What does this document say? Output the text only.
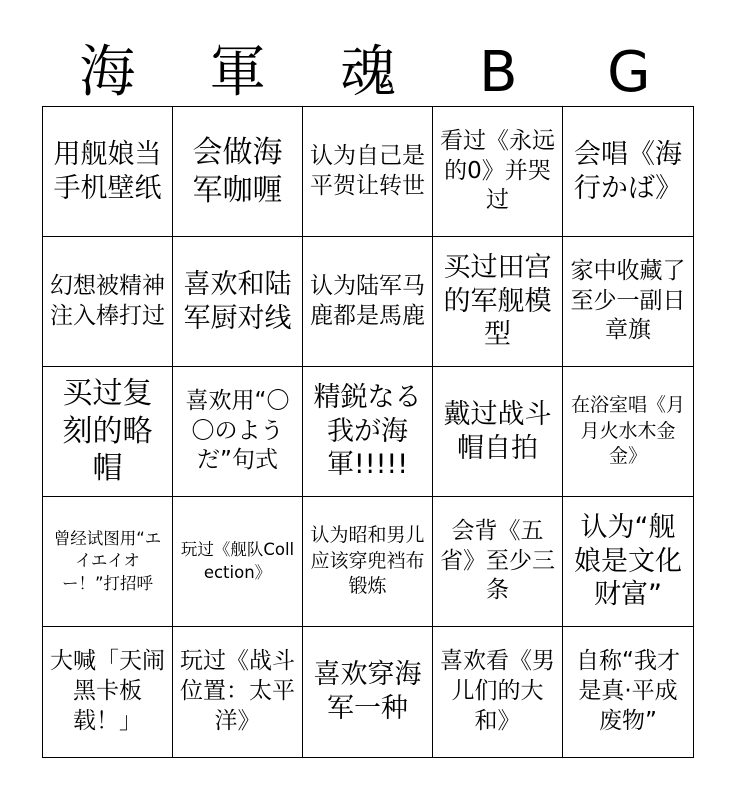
海	軍	魂	B	G
用舰娘当手机壁纸
会做海军咖喱
认为自己是平贺让转世
看过《永远的0》并哭过
会唱《海行かば》
幻想被精神注入棒打过
喜欢和陆军厨对线
认为陆军马鹿都是馬鹿
买过田宫的军舰模型
家中收藏了至少一副日章旗
买过复刻的略帽
喜欢用“〇〇のようだ”句式
精鋭なる我が海軍!!!!!
戴过战斗帽自拍
在浴室唱《月月火水木金金》
曾经试图用“エイエイオー！”打招呼
玩过《舰队Collection》
认为昭和男儿应该穿兜裆布锻炼
会背《五省》至少三条
认为“舰娘是文化财富”
大喊「天闹黑卡板载！」
玩过《战斗位置：太平洋》
喜欢穿海军一种
喜欢看《男儿们的大和》
自称“我才是真·平成废物”
